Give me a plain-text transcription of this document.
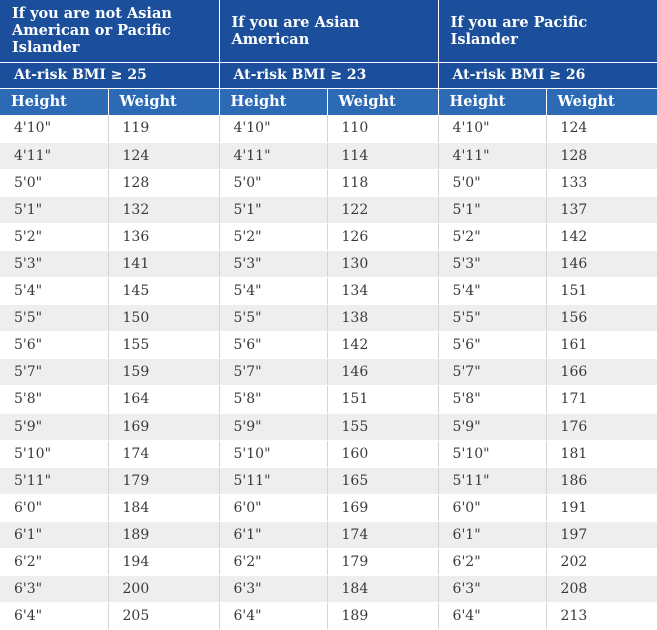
If you are not Asian American or Pacific Islander		If you are Asian American		If you are Pacific Islander	
At-risk BMI ≥ 25		At-risk BMI ≥ 23		At-risk BMI ≥ 26	
Height	Weight	Height	Weight	Height	Weight
4'10"	119	4'10"	110	4'10"	124
4'11"	124	4'11"	114	4'11"	128
5'0"	128	5'0"	118	5'0"	133
5'1"	132	5'1"	122	5'1"	137
5'2"	136	5'2"	126	5'2"	142
5'3"	141	5'3"	130	5'3"	146
5'4"	145	5'4"	134	5'4"	151
5'5"	150	5'5"	138	5'5"	156
5'6"	155	5'6"	142	5'6"	161
5'7"	159	5'7"	146	5'7"	166
5'8"	164	5'8"	151	5'8"	171
5'9"	169	5'9"	155	5'9"	176
5'10"	174	5'10"	160	5'10"	181
5'11"	179	5'11"	165	5'11"	186
6'0"	184	6'0"	169	6'0"	191
6'1"	189	6'1"	174	6'1"	197
6'2"	194	6'2"	179	6'2"	202
6'3"	200	6'3"	184	6'3"	208
6'4"	205	6'4"	189	6'4"	213
